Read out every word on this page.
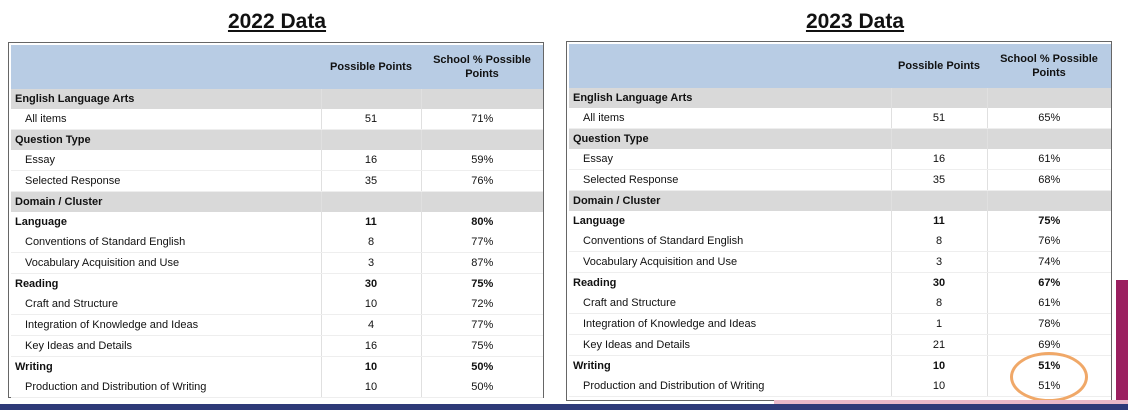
2022 Data	2023 Data
	Possible Points	School % Possible Points
English Language Arts		
All items	51	71%
Question Type		
Essay	16	59%
Selected Response	35	76%
Domain / Cluster		
Language	11	80%
Conventions of Standard English	8	77%
Vocabulary Acquisition and Use	3	87%
Reading	30	75%
Craft and Structure	10	72%
Integration of Knowledge and Ideas	4	77%
Key Ideas and Details	16	75%
Writing	10	50%
Production and Distribution of Writing	10	50%
	Possible Points	School % Possible Points
English Language Arts		
All items	51	65%
Question Type		
Essay	16	61%
Selected Response	35	68%
Domain / Cluster		
Language	11	75%
Conventions of Standard English	8	76%
Vocabulary Acquisition and Use	3	74%
Reading	30	67%
Craft and Structure	8	61%
Integration of Knowledge and Ideas	1	78%
Key Ideas and Details	21	69%
Writing	10	51%
Production and Distribution of Writing	10	51%
